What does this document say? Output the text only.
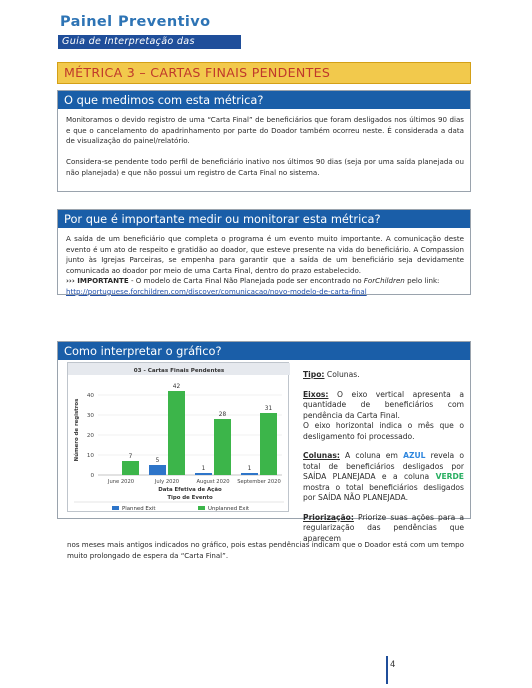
Painel Preventivo
Guia de Interpretação das Métricas
MÉTRICA 3 – CARTAS FINAIS PENDENTES
O que medimos com esta métrica?
Monitoramos o devido registro de uma “Carta Final” de beneficiários que foram desligados nos últimos 90 dias e que o cancelamento do apadrinhamento por parte do Doador também ocorreu neste. É considerada a data de visualização do painel/relatório.
Considera-se pendente todo perfil de beneficiário inativo nos últimos 90 dias (seja por uma saída planejada ou não planejada) e que não possui um registro de Carta Final no sistema.
Por que é importante medir ou monitorar esta métrica?
A saída de um beneficiário que completa o programa é um evento muito importante. A comunicação deste evento é um ato de respeito e gratidão ao doador, que esteve presente na vida do beneficiário. A Compassion junto às Igrejas Parceiras, se empenha para garantir que a saída de um beneficiário seja devidamente comunicada ao doador por meio de uma Carta Final, dentro do prazo estabelecido.
››› IMPORTANTE - O modelo de Carta Final Não Planejada pode ser encontrado no ForChildren pelo link:
http://portuguese.forchildren.com/discover/comunicacao/novo-modelo-de-carta-final
Como interpretar o gráfico?
03 - Cartas Finais Pendentes
0
10
20
30
40
Número de registros	7
June 2020
5
42
July 2020
1
28
August 2020
1
31
September 2020
Data Efetiva de Ação
Tipo de Evento
Planned Exit	Unplanned Exit
Tipo: Colunas.
Eixos: O eixo vertical apresenta a quantidade de beneficiários com pendência da Carta Final.
O eixo horizontal indica o mês que o desligamento foi processado.
Colunas: A coluna em AZUL revela o total de beneficiários desligados por SAÍDA PLANEJADA e a coluna VERDE mostra o total beneficiários desligados por SAÍDA NÃO PLANEJADA.
Priorização: Priorize suas ações para a regularização das pendências que aparecem
nos meses mais antigos indicados no gráfico, pois estas pendências indicam que o Doador está com um tempo muito prolongado de espera da “Carta Final”.
4
